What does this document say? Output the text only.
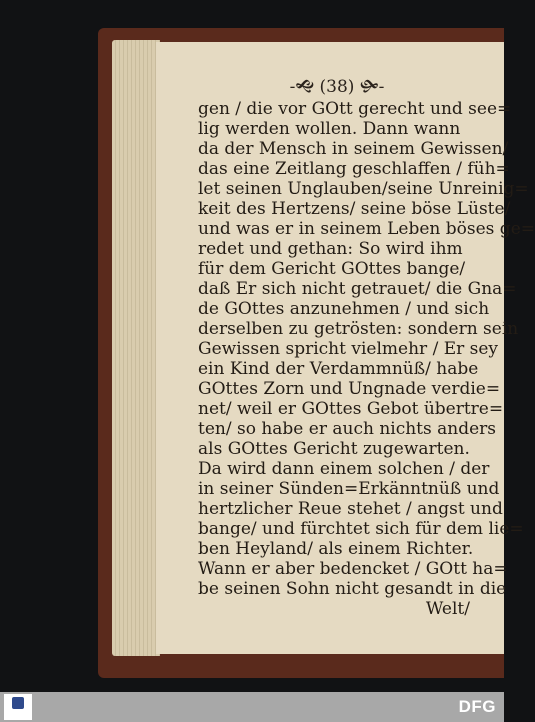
-🙝 (38) 🙟-
gen / die vor GOtt gerecht und see=
lig werden wollen. Dann wann
da der Mensch in seinem Gewissen/
das eine Zeitlang geschlaffen / füh=
let seinen Unglauben/seine Unreinig=
keit des Hertzens/ seine böse Lüste/
und was er in seinem Leben böses ge=
redet und gethan: So wird ihm
für dem Gericht GOttes bange/
daß Er sich nicht getrauet/ die Gna=
de GOttes anzunehmen / und sich
derselben zu getrösten: sondern sein
Gewissen spricht vielmehr / Er sey
ein Kind der Verdammnüß/ habe
GOttes Zorn und Ungnade verdie=
net/ weil er GOttes Gebot übertre=
ten/ so habe er auch nichts anders
als GOttes Gericht zugewarten.
Da wird dann einem solchen / der
in seiner Sünden=Erkänntnüß und
hertzlicher Reue stehet / angst und
bange/ und fürchtet sich für dem lie=
ben Heyland/ als einem Richter.
Wann er aber bedencket / GOtt ha=
be seinen Sohn nicht gesandt in die
Welt/
DFG
